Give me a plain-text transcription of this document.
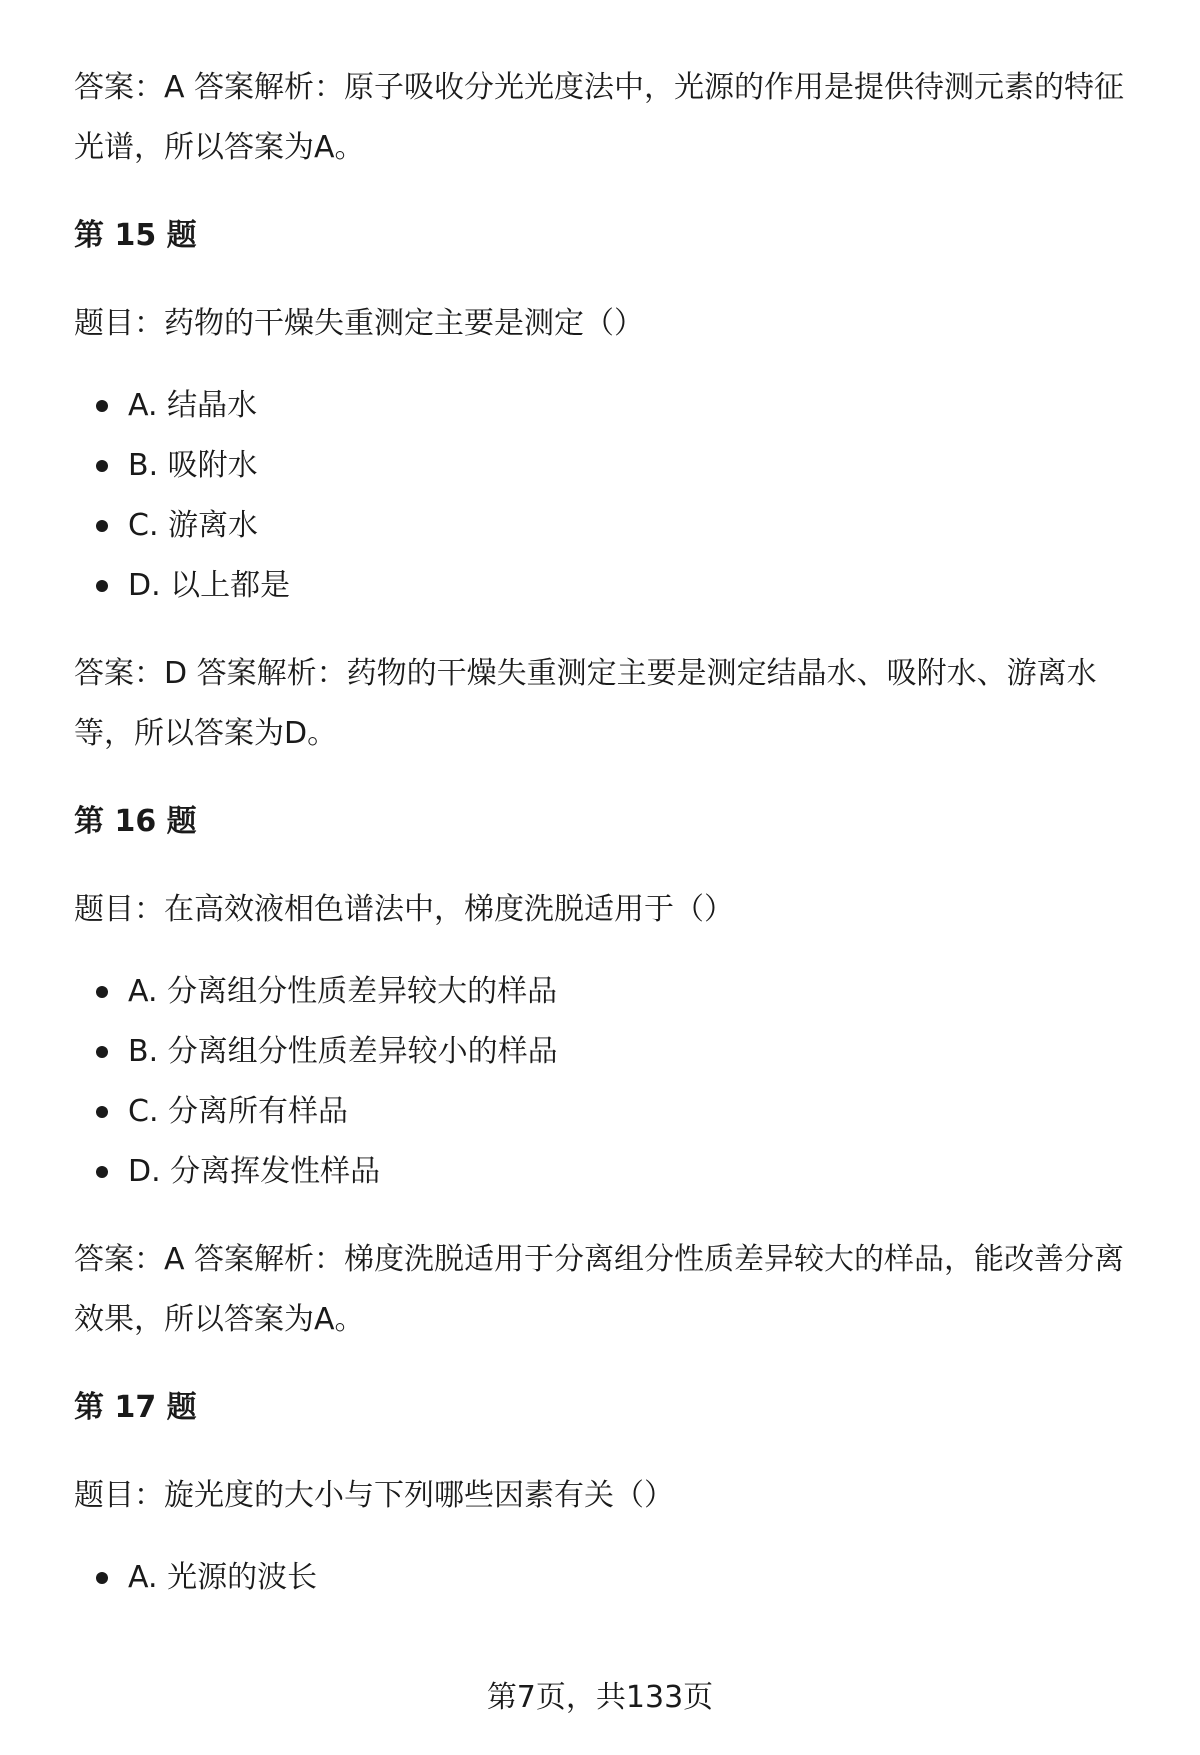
答案：A 答案解析：原子吸收分光光度法中，光源的作用是提供待测元素的特征光谱，所以答案为A。

第 15 题

题目：药物的干燥失重测定主要是测定（）

A. 结晶水
B. 吸附水
C. 游离水
D. 以上都是

答案：D 答案解析：药物的干燥失重测定主要是测定结晶水、吸附水、游离水等，所以答案为D。

第 16 题

题目：在高效液相色谱法中，梯度洗脱适用于（）

A. 分离组分性质差异较大的样品
B. 分离组分性质差异较小的样品
C. 分离所有样品
D. 分离挥发性样品

答案：A 答案解析：梯度洗脱适用于分离组分性质差异较大的样品，能改善分离效果，所以答案为A。

第 17 题

题目：旋光度的大小与下列哪些因素有关（）

A. 光源的波长
第7页，共133页
